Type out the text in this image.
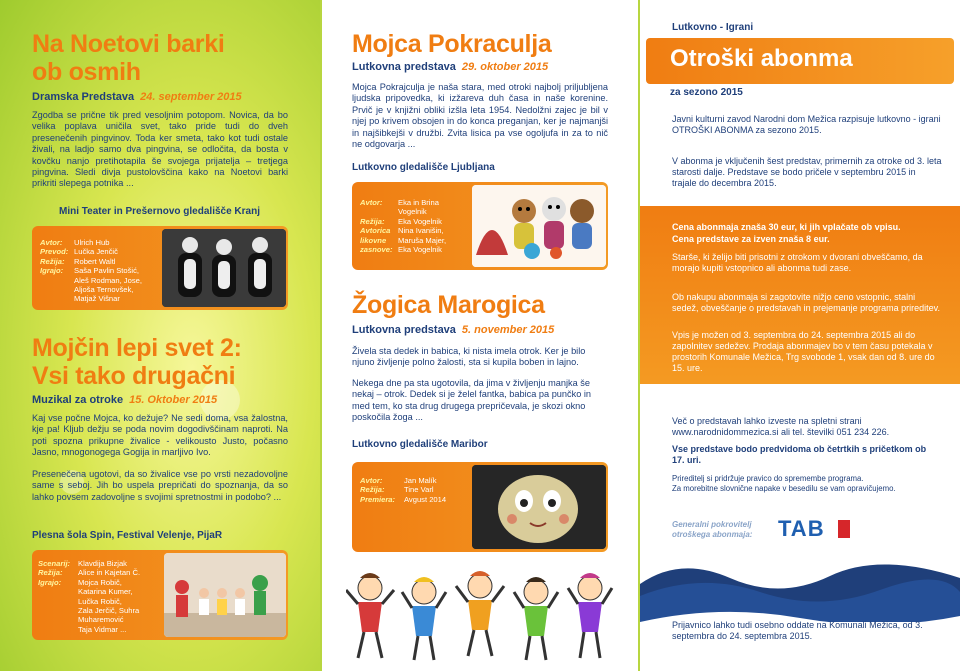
Na Noetovi barki
ob osmih
Dramska Predstava 24. september 2015
Zgodba se prične tik pred vesoljnim potopom. Novica, da bo velika poplava uničila svet, tako pride tudi do dveh presenečenih pingvinov. Toda ker smeta, tako kot tudi ostale živali, na ladjo samo dva pingvina, se odločita, da bosta v kovčku nanjo pretihotapila še svojega prijatelja – tretjega pingvina. Sledi divja pustolovščina kako na Noetovi barki prikriti slepega potnika ...
Mini Teater in Prešernovo gledališče Kranj
Avtor:	Ulrich Hub
Prevod: Lučka Jenčič
Režija:	Robert Waltl
Igrajo:	Saša Pavlin Stošić,
Aleš Rodman, Jose,
Aljoša Ternovšek,
Matjaž Višnar
Mojčin lepi svet 2:
Vsi tako drugačni
Muzikal za otroke 15. Oktober 2015
Kaj vse počne Mojca, ko dežuje? Ne sedi doma, vsa žalostna, kje pa! Kljub dežju se poda novim dogodivščinam naproti. Na poti spozna prikupne živalice - velikousto Justo, počasno Jasno, mnogonogega Gogija in marljivo Ivo.
Presenečena ugotovi, da so živalice vse po vrsti nezadovoljne same s seboj. Jih bo uspela prepričati do spoznanja, da so lahko povsem zadovoljne s svojimi spretnostmi in podobo? ...
Plesna šola Spin, Festival Velenje, PijaR
Scenarij:	Klavdija Bizjak
Režija:	Alice in Kajetan Č.
Igrajo:	Mojca Robič,
Katarina Kumer,
Lučka Robič,
Zala Jerčič, Suhra
Muharemović
Taja Vidmar ...
Mojca Pokraculja
Lutkovna predstava 29. oktober 2015
Mojca Pokrajculja je naša stara, med otroki najbolj priljubljena ljudska pripovedka, ki izžareva duh časa in naše korenine. Prvič je v knjižni obliki izšla leta 1954. Nedolžni zajec je bil v njej po krivem obsojen in do konca preganjan, ker je najmanjši in najšibkejši v družbi. Zvita lisica pa vse ogoljufa in za to nič ne odgovarja ...
Lutkovno gledališče Ljubljana
Avtor:	Eka in Brina
Vogelnik
Režija:	Eka Vogelnik
Avtorica	Nina Ivanišin,
likovne	Maruša Majer,
zasnove: Eka Vogelnik
Žogica Marogica
Lutkovna predstava 5. november 2015
Živela sta dedek in babica, ki nista imela otrok. Ker je bilo njuno življenje polno žalosti, sta si kupila boben in lajno.
Nekega dne pa sta ugotovila, da jima v življenju manjka še nekaj – otrok. Dedek si je želel fantka, babica pa punčko in med tem, ko sta drug drugega prepričevala, je skozi okno poskočila žoga ...
Lutkovno gledališče Maribor
Avtor:	Jan Malík
Režija:	Tine Varl
Premiera:	Avgust 2014
Lutkovno - Igrani
Otroški abonma
za sezono 2015
Javni kulturni zavod Narodni dom Mežica razpisuje lutkovno - igrani OTROŠKI ABONMA za sezono 2015.
V abonma je vključenih šest predstav, primernih za otroke od 3. leta starosti dalje. Predstave se bodo pričele v septembru 2015 in trajale do decembra 2015.
Cena abonmaja znaša 30 eur, ki jih vplačate ob vpisu.
Cena predstave za izven znaša 8 eur.
Starše, ki želijo biti prisotni z otrokom v dvorani obveščamo, da morajo kupiti vstopnico ali abonma tudi zase.
Ob nakupu abonmaja si zagotovite nižjo ceno vstopnic, stalni sedež, obveščanje o predstavah in prejemanje programa prireditev.
Vpis je možen od 3. septembra do 24. septembra 2015 ali do zapolnitev sedežev. Prodaja abonmajev bo v tem času potekala v prostorih Komunale Mežica, Trg svobode 1, vsak dan od 8. ure do 15. ure.
Več o predstavah lahko izveste na spletni strani www.narodnidommezica.si ali tel. številki 051 234 226.
Vse predstave bodo predvidoma ob četrtkih s pričetkom ob 17. uri.
Prireditelj si pridržuje pravico do spremembe programa.
Za morebitne slovnične napake v besedilu se vam opravičujemo.
Generalni pokrovitelj otroškega abonmaja:	TAB
Prijavnico lahko tudi osebno oddate na Komunali Mežica, od 3. septembra do 24. septembra 2015.
